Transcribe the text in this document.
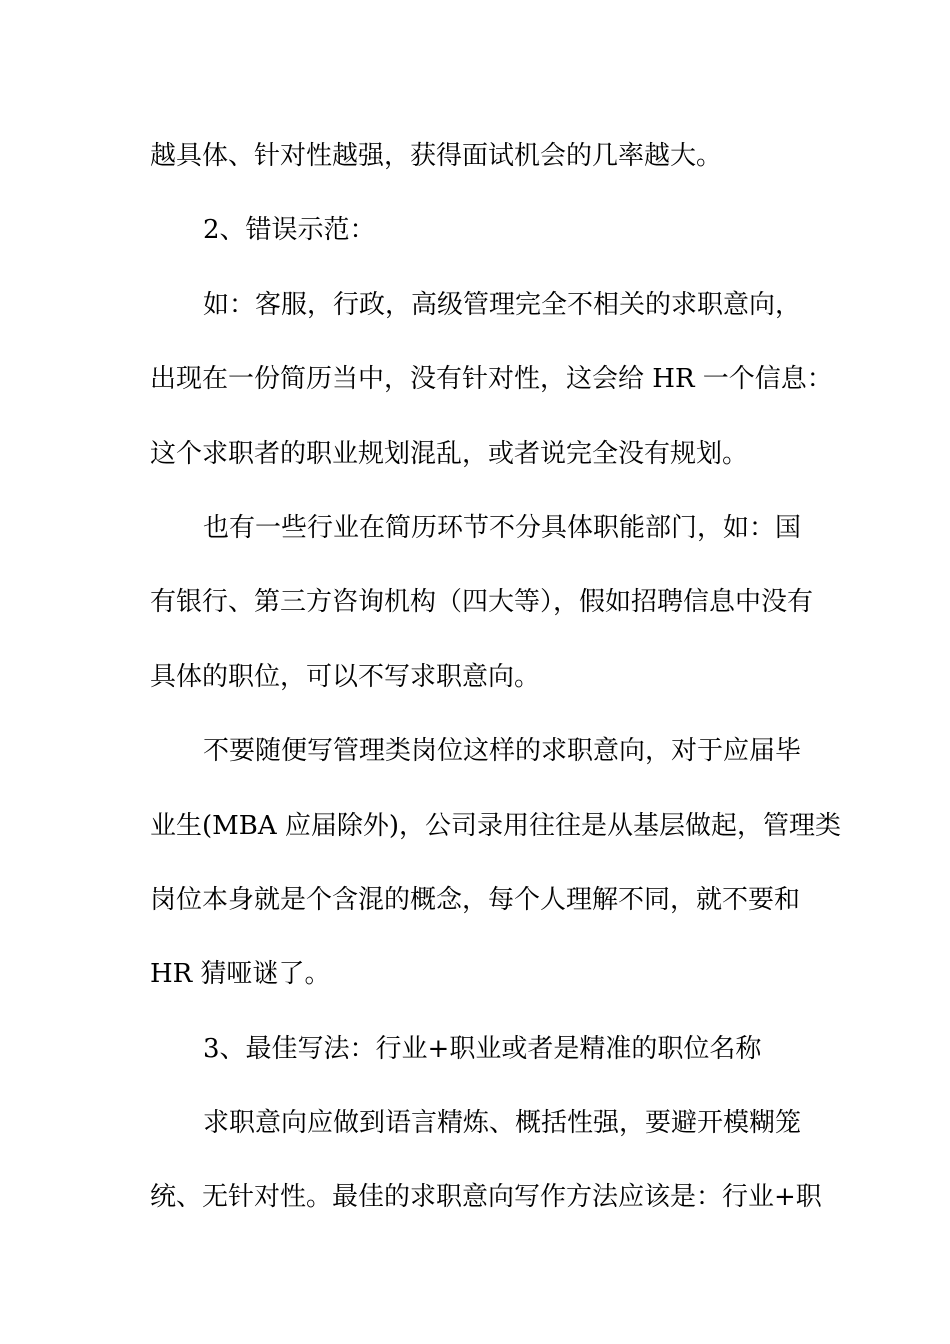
越具体、针对性越强，获得面试机会的几率越大。
2、错误示范：
如：客服，行政，高级管理完全不相关的求职意向，
出现在一份简历当中，没有针对性，这会给 HR 一个信息：
这个求职者的职业规划混乱，或者说完全没有规划。
也有一些行业在简历环节不分具体职能部门，如：国
有银行、第三方咨询机构（四大等），假如招聘信息中没有
具体的职位，可以不写求职意向。
不要随便写管理类岗位这样的求职意向，对于应届毕
业生(MBA 应届除外)，公司录用往往是从基层做起，管理类
岗位本身就是个含混的概念，每个人理解不同，就不要和
HR 猜哑谜了。
3、最佳写法：行业+职业或者是精准的职位名称
求职意向应做到语言精炼、概括性强，要避开模糊笼
统、无针对性。最佳的求职意向写作方法应该是：行业+职
